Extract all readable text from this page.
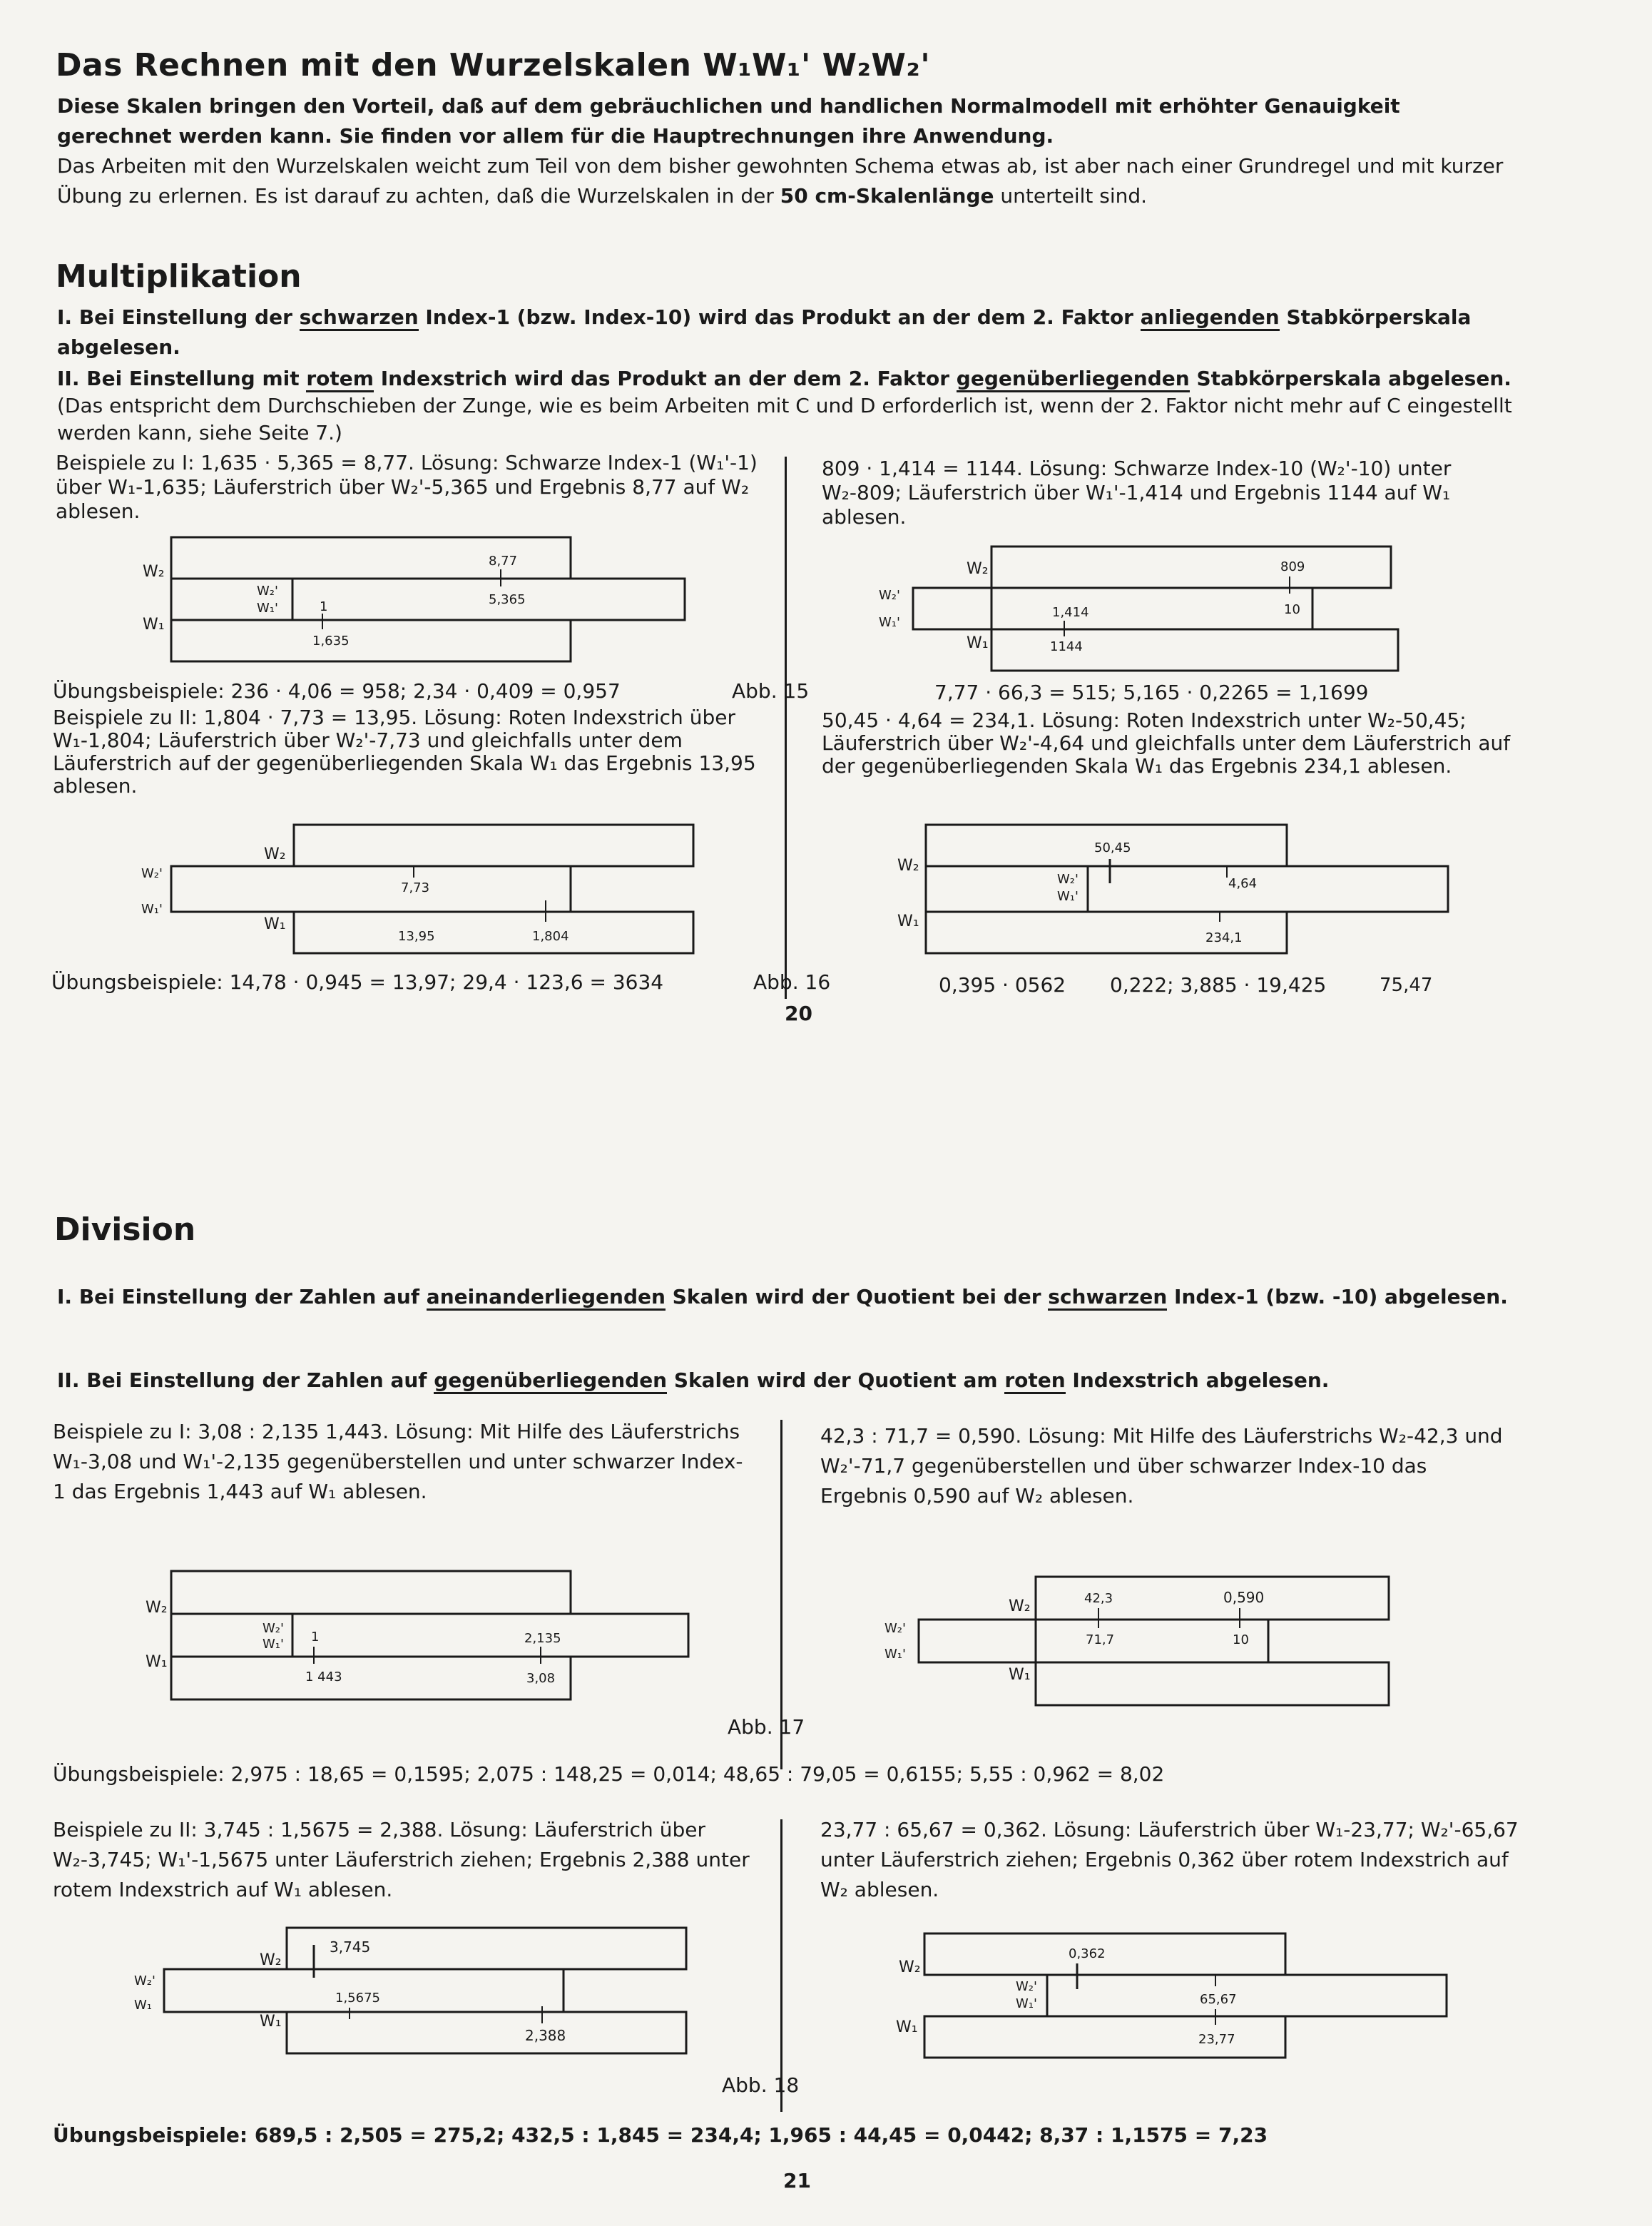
Das Rechnen mit den Wurzelskalen W₁W₁' W₂W₂'
Diese Skalen bringen den Vorteil, daß auf dem gebräuchlichen und handlichen Normalmodell mit erhöhter Genauigkeit gerechnet werden kann. Sie finden vor allem für die Hauptrechnungen ihre Anwendung.
Das Arbeiten mit den Wurzelskalen weicht zum Teil von dem bisher gewohnten Schema etwas ab, ist aber nach einer Grundregel und mit kurzer Übung zu erlernen. Es ist darauf zu achten, daß die Wurzelskalen in der 50 cm-Skalenlänge unterteilt sind.
Multiplikation
I. Bei Einstellung der schwarzen Index-1 (bzw. Index-10) wird das Produkt an der dem 2. Faktor anliegenden Stabkörperskala abgelesen.
II. Bei Einstellung mit rotem Indexstrich wird das Produkt an der dem 2. Faktor gegenüberliegenden Stabkörperskala abgelesen. (Das entspricht dem Durchschieben der Zunge, wie es beim Arbeiten mit C und D erforderlich ist, wenn der 2. Faktor nicht mehr auf C eingestellt werden kann, siehe Seite 7.)
Beispiele zu I: 1,635 · 5,365 = 8,77. Lösung: Schwarze Index-1 (W₁'-1) über W₁-1,635; Läuferstrich über W₂'-5,365 und Ergebnis 8,77 auf W₂ ablesen.
809 · 1,414 = 1144. Lösung: Schwarze Index-10 (W₂'-10) unter W₂-809; Läuferstrich über W₁'-1,414 und Ergebnis 1144 auf W₁ ablesen.
W₂
W₂'
W₁'
W₁
8,77
5,365
1
1,635
W₂
W₂'
W₁'
W₁
809
10
1,414
1144
Übungsbeispiele: 236 · 4,06 = 958; 2,34 · 0,409 = 0,957	Abb. 15	7,77 · 66,3 = 515; 5,165 · 0,2265 = 1,1699
Beispiele zu II: 1,804 · 7,73 = 13,95. Lösung: Roten Indexstrich über W₁-1,804; Läuferstrich über W₂'-7,73 und gleichfalls unter dem Läuferstrich auf der gegenüberliegenden Skala W₁ das Ergebnis 13,95 ablesen.
50,45 · 4,64 = 234,1. Lösung: Roten Indexstrich unter W₂-50,45; Läuferstrich über W₂'-4,64 und gleichfalls unter dem Läuferstrich auf der gegenüberliegenden Skala W₁ das Ergebnis 234,1 ablesen.
W₂
W₂'
W₁'
W₁
7,73
13,95	1,804
W₂
W₂'
W₁'
W₁
50,45
4,64
234,1
Übungsbeispiele: 14,78 · 0,945 = 13,97; 29,4 · 123,6 = 3634	Abb. 16	0,395 · 0562 0,222; 3,885 · 19,425	75,47
20
Division
I. Bei Einstellung der Zahlen auf aneinanderliegenden Skalen wird der Quotient bei der schwarzen Index-1 (bzw. -10) abgelesen.
II. Bei Einstellung der Zahlen auf gegenüberliegenden Skalen wird der Quotient am roten Indexstrich abgelesen.
Beispiele zu I: 3,08 : 2,135 1,443. Lösung: Mit Hilfe des Läuferstrichs W₁-3,08 und W₁'-2,135 gegenüberstellen und unter schwarzer Index-1 das Ergebnis 1,443 auf W₁ ablesen.
42,3 : 71,7 = 0,590. Lösung: Mit Hilfe des Läuferstrichs W₂-42,3 und W₂'-71,7 gegenüberstellen und über schwarzer Index-10 das Ergebnis 0,590 auf W₂ ablesen.
W₂
W₂'
W₁'
W₁
1	2,135
1 443	3,08
W₂
W₂'
W₁'
W₁
42,3	0,590
71,7	10
Abb. 17
Übungsbeispiele: 2,975 : 18,65 = 0,1595; 2,075 : 148,25 = 0,014; 48,65 : 79,05 = 0,6155; 5,55 : 0,962 = 8,02
Beispiele zu II: 3,745 : 1,5675 = 2,388. Lösung: Läuferstrich über W₂-3,745; W₁'-1,5675 unter Läuferstrich ziehen; Ergebnis 2,388 unter rotem Indexstrich auf W₁ ablesen.
23,77 : 65,67 = 0,362. Lösung: Läuferstrich über W₁-23,77; W₂'-65,67 unter Läuferstrich ziehen; Ergebnis 0,362 über rotem Indexstrich auf W₂ ablesen.
W₂
W₂'
W₁
W₁
3,745
1,5675
2,388
W₂
W₂'
W₁'
W₁
0,362
65,67
23,77
Abb. 18
Übungsbeispiele: 689,5 : 2,505 = 275,2; 432,5 : 1,845 = 234,4; 1,965 : 44,45 = 0,0442; 8,37 : 1,1575 = 7,23
21
